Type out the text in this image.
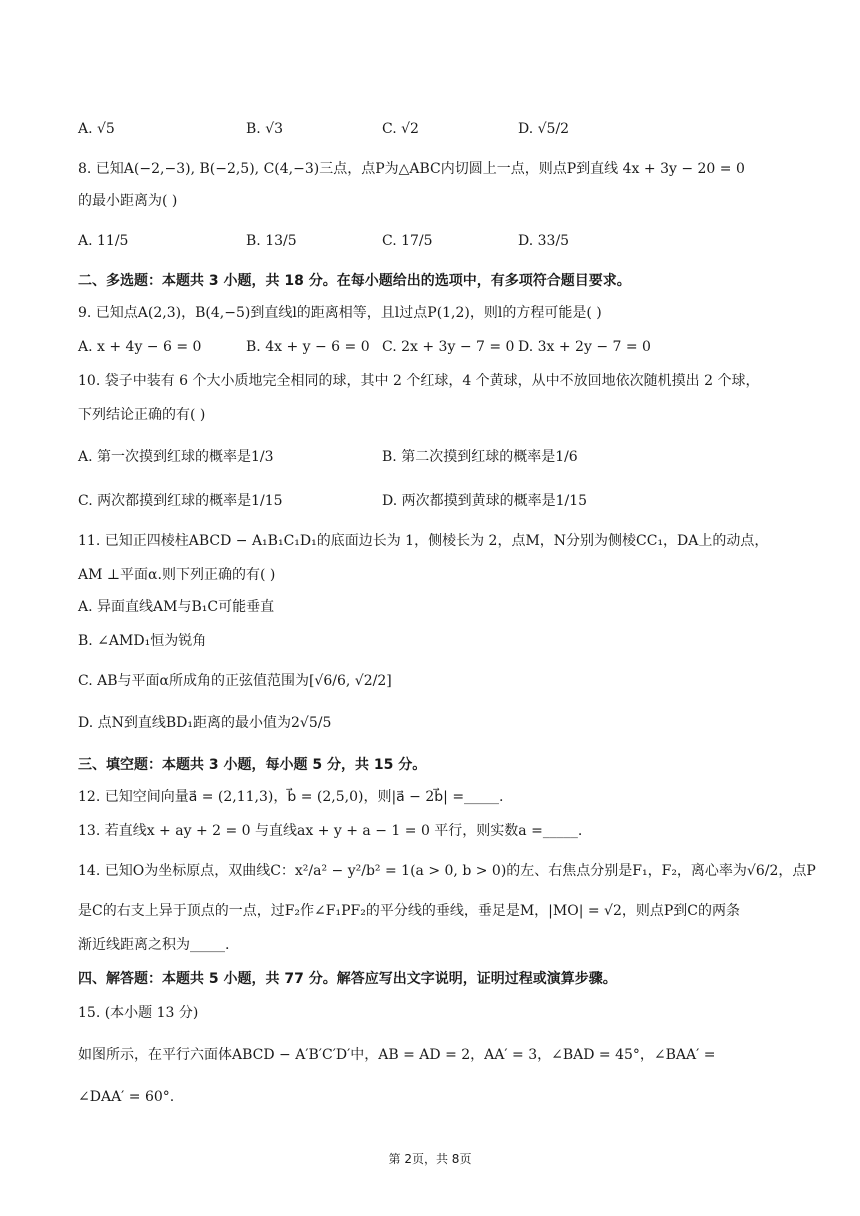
A. √5	B. √3	C. √2	D. √5/2
8. 已知A(−2,−3), B(−2,5), C(4,−3)三点，点P为△ABC内切圆上一点，则点P到直线 4x + 3y − 20 = 0
的最小距离为( )
A. 11/5	B. 13/5	C. 17/5	D. 33/5
二、多选题：本题共 3 小题，共 18 分。在每小题给出的选项中，有多项符合题目要求。
9. 已知点A(2,3)，B(4,−5)到直线l的距离相等，且l过点P(1,2)，则l的方程可能是( )
A. x + 4y − 6 = 0	B. 4x + y − 6 = 0 C. 2x + 3y − 7 = 0 D. 3x + 2y − 7 = 0
10. 袋子中装有 6 个大小质地完全相同的球，其中 2 个红球，4 个黄球，从中不放回地依次随机摸出 2 个球，
下列结论正确的有( )
A. 第一次摸到红球的概率是1/3	B. 第二次摸到红球的概率是1/6
C. 两次都摸到红球的概率是1/15	D. 两次都摸到黄球的概率是1/15
11. 已知正四棱柱ABCD − A₁B₁C₁D₁的底面边长为 1，侧棱长为 2，点M，N分别为侧棱CC₁，DA上的动点，
AM ⊥平面α.则下列正确的有( )
A. 异面直线AM与B₁C可能垂直
B. ∠AMD₁恒为锐角
C. AB与平面α所成角的正弦值范围为[√6/6, √2/2]
D. 点N到直线BD₁距离的最小值为2√5/5
三、填空题：本题共 3 小题，每小题 5 分，共 15 分。
12. 已知空间向量a⃗ = (2,11,3)，b⃗ = (2,5,0)，则|a⃗ − 2b⃗| =_____.
13. 若直线x + ay + 2 = 0 与直线ax + y + a − 1 = 0 平行，则实数a =_____.
14. 已知O为坐标原点，双曲线C：x²/a² − y²/b² = 1(a > 0, b > 0)的左、右焦点分别是F₁，F₂，离心率为√6/2，点P
是C的右支上异于顶点的一点，过F₂作∠F₁PF₂的平分线的垂线，垂足是M，|MO| = √2，则点P到C的两条
渐近线距离之积为_____.
四、解答题：本题共 5 小题，共 77 分。解答应写出文字说明，证明过程或演算步骤。
15. (本小题 13 分)
如图所示，在平行六面体ABCD − A′B′C′D′中，AB = AD = 2，AA′ = 3，∠BAD = 45°，∠BAA′ =
∠DAA′ = 60°.
第 2页，共 8页
